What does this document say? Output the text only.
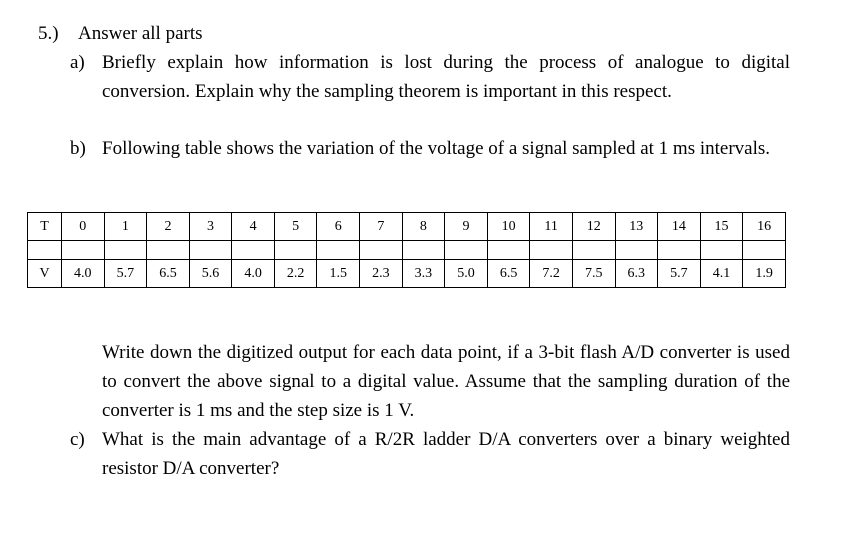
5.) Answer all parts
a) Briefly explain how information is lost during the process of analogue to digital conversion. Explain why the sampling theorem is important in this respect.
b) Following table shows the variation of the voltage of a signal sampled at 1 ms intervals.
T	0	1	2	3	4	5	6	7	8	9	10	11	12	13	14	15	16

V	4.0	5.7	6.5	5.6	4.0	2.2	1.5	2.3	3.3	5.0	6.5	7.2	7.5	6.3	5.7	4.1	1.9
Write down the digitized output for each data point, if a 3-bit flash A/D converter is used to convert the above signal to a digital value. Assume that the sampling duration of the converter is 1 ms and the step size is 1 V.
c) What is the main advantage of a R/2R ladder D/A converters over a binary weighted resistor D/A converter?
